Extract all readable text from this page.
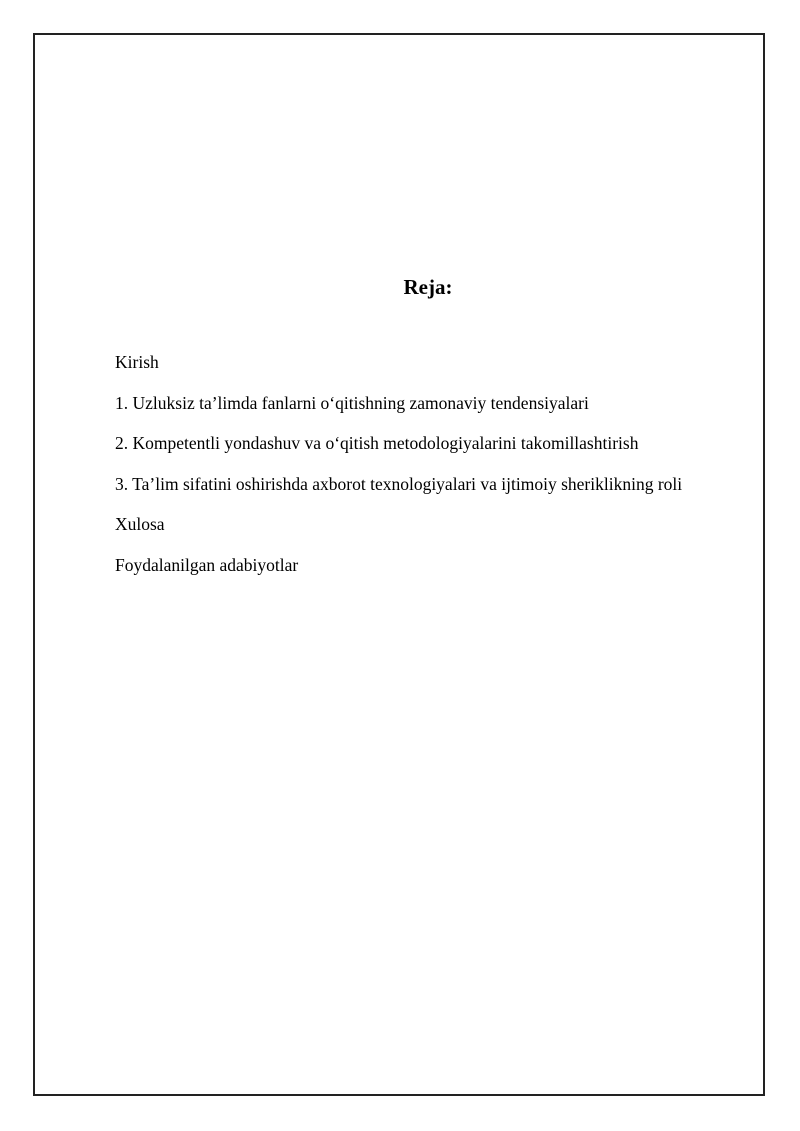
Reja:
Kirish
1. Uzluksiz ta’limda fanlarni o‘qitishning zamonaviy tendensiyalari
2. Kompetentli yondashuv va o‘qitish metodologiyalarini takomillashtirish
3. Ta’lim sifatini oshirishda axborot texnologiyalari va ijtimoiy sheriklikning roli
Xulosa
Foydalanilgan adabiyotlar
